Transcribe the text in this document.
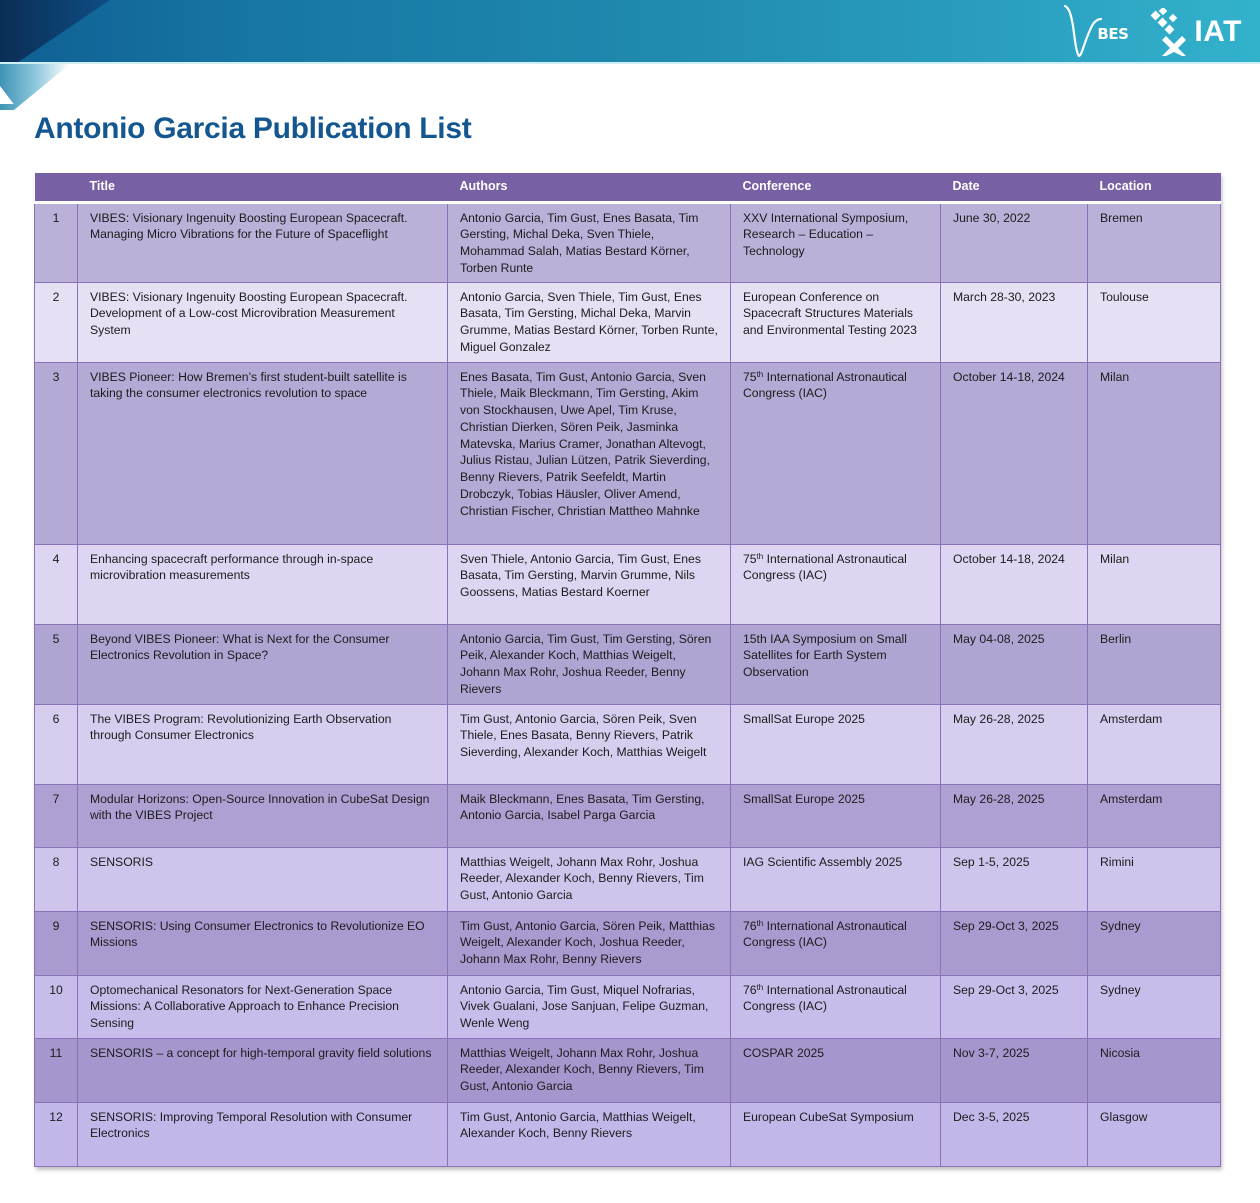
BES IAT
Antonio Garcia Publication List
	Title	Authors	Conference	Date	Location
1	VIBES: Visionary Ingenuity Boosting European Spacecraft. Managing Micro Vibrations for the Future of Spaceflight	Antonio Garcia, Tim Gust, Enes Basata, Tim Gersting, Michal Deka, Sven Thiele, Mohammad Salah, Matias Bestard Körner, Torben Runte	XXV International Symposium, Research – Education – Technology	June 30, 2022	Bremen
2	VIBES: Visionary Ingenuity Boosting European Spacecraft. Development of a Low-cost Microvibration Measurement System	Antonio Garcia, Sven Thiele, Tim Gust, Enes Basata, Tim Gersting, Michal Deka, Marvin Grumme, Matias Bestard Körner, Torben Runte, Miguel Gonzalez	European Conference on Spacecraft Structures Materials and Environmental Testing 2023	March 28-30, 2023	Toulouse
3	VIBES Pioneer: How Bremen’s first student-built satellite is taking the consumer electronics revolution to space	Enes Basata, Tim Gust, Antonio Garcia, Sven Thiele, Maik Bleckmann, Tim Gersting, Akim von Stockhausen, Uwe Apel, Tim Kruse, Christian Dierken, Sören Peik, Jasminka Matevska, Marius Cramer, Jonathan Altevogt, Julius Ristau, Julian Lützen, Patrik Sieverding, Benny Rievers, Patrik Seefeldt, Martin Drobczyk, Tobias Häusler, Oliver Amend, Christian Fischer, Christian Mattheo Mahnke	75th International Astronautical Congress (IAC)	October 14-18, 2024	Milan
4	Enhancing spacecraft performance through in-space microvibration measurements	Sven Thiele, Antonio Garcia, Tim Gust, Enes Basata, Tim Gersting, Marvin Grumme, Nils Goossens, Matias Bestard Koerner	75th International Astronautical Congress (IAC)	October 14-18, 2024	Milan
5	Beyond VIBES Pioneer: What is Next for the Consumer Electronics Revolution in Space?	Antonio Garcia, Tim Gust, Tim Gersting, Sören Peik, Alexander Koch, Matthias Weigelt, Johann Max Rohr, Joshua Reeder, Benny Rievers	15th IAA Symposium on Small Satellites for Earth System Observation	May 04-08, 2025	Berlin
6	The VIBES Program: Revolutionizing Earth Observation through Consumer Electronics	Tim Gust, Antonio Garcia, Sören Peik, Sven Thiele, Enes Basata, Benny Rievers, Patrik Sieverding, Alexander Koch, Matthias Weigelt	SmallSat Europe 2025	May 26-28, 2025	Amsterdam
7	Modular Horizons: Open-Source Innovation in CubeSat Design with the VIBES Project	Maik Bleckmann, Enes Basata, Tim Gersting, Antonio Garcia, Isabel Parga Garcia	SmallSat Europe 2025	May 26-28, 2025	Amsterdam
8	SENSORIS	Matthias Weigelt, Johann Max Rohr, Joshua Reeder, Alexander Koch, Benny Rievers, Tim Gust, Antonio Garcia	IAG Scientific Assembly 2025	Sep 1-5, 2025	Rimini
9	SENSORIS: Using Consumer Electronics to Revolutionize EO Missions	Tim Gust, Antonio Garcia, Sören Peik, Matthias Weigelt, Alexander Koch, Joshua Reeder, Johann Max Rohr, Benny Rievers	76th International Astronautical Congress (IAC)	Sep 29-Oct 3, 2025	Sydney
10	Optomechanical Resonators for Next-Generation Space Missions: A Collaborative Approach to Enhance Precision Sensing	Antonio Garcia, Tim Gust, Miquel Nofrarias, Vivek Gualani, Jose Sanjuan, Felipe Guzman, Wenle Weng	76th International Astronautical Congress (IAC)	Sep 29-Oct 3, 2025	Sydney
11	SENSORIS – a concept for high-temporal gravity field solutions	Matthias Weigelt, Johann Max Rohr, Joshua Reeder, Alexander Koch, Benny Rievers, Tim Gust, Antonio Garcia	COSPAR 2025	Nov 3-7, 2025	Nicosia
12	SENSORIS: Improving Temporal Resolution with Consumer Electronics	Tim Gust, Antonio Garcia, Matthias Weigelt, Alexander Koch, Benny Rievers	European CubeSat Symposium	Dec 3-5, 2025	Glasgow
